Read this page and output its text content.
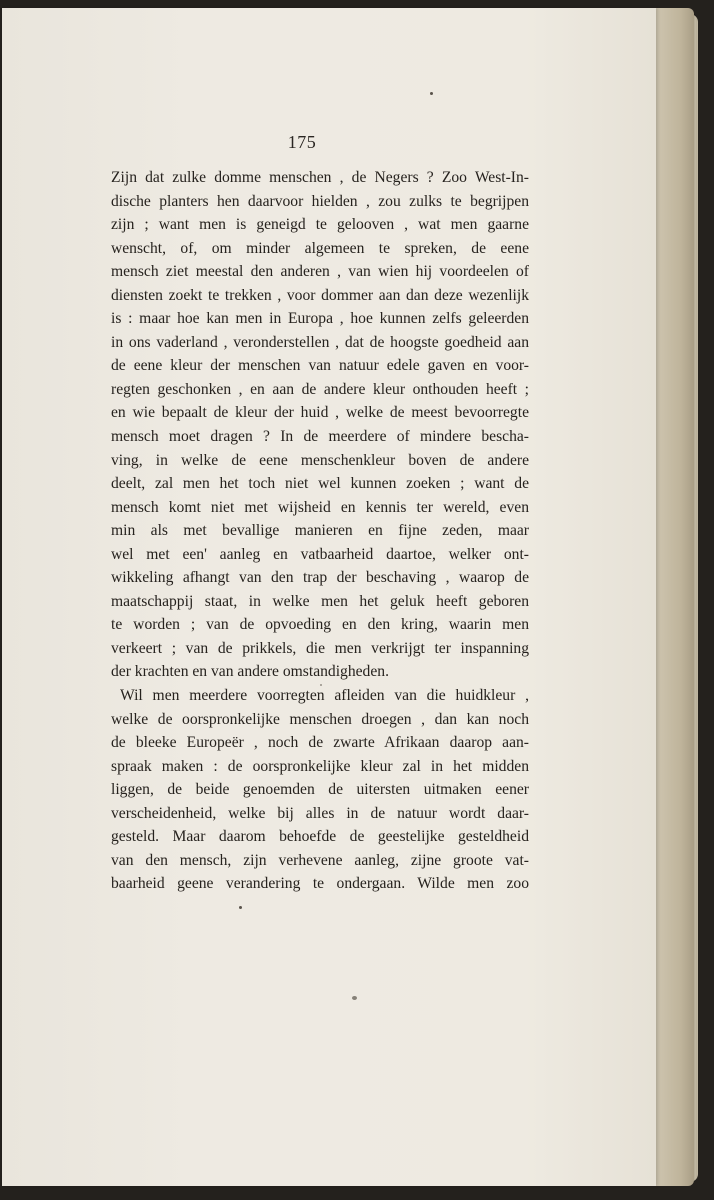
175
Zijn dat zulke domme menschen , de Negers ? Zoo West-In-
dische planters hen daarvoor hielden , zou zulks te begrijpen
zijn ; want men is geneigd te gelooven , wat men gaarne
wenscht, of, om minder algemeen te spreken, de eene
mensch ziet meestal den anderen , van wien hij voordeelen of
diensten zoekt te trekken , voor dommer aan dan deze wezenlijk
is : maar hoe kan men in Europa , hoe kunnen zelfs geleerden
in ons vaderland , veronderstellen , dat de hoogste goedheid aan
de eene kleur der menschen van natuur edele gaven en voor-
regten geschonken , en aan de andere kleur onthouden heeft ;
en wie bepaalt de kleur der huid , welke de meest bevoorregte
mensch moet dragen ? In de meerdere of mindere bescha-
ving, in welke de eene menschenkleur boven de andere
deelt, zal men het toch niet wel kunnen zoeken ; want de
mensch komt niet met wijsheid en kennis ter wereld, even
min als met bevallige manieren en fijne zeden, maar
wel met een' aanleg en vatbaarheid daartoe, welker ont-
wikkeling afhangt van den trap der beschaving , waarop de
maatschappij staat, in welke men het geluk heeft geboren
te worden ; van de opvoeding en den kring, waarin men
verkeert ; van de prikkels, die men verkrijgt ter inspanning
der krachten en van andere omstandigheden.
Wil men meerdere voorregten afleiden van die huidkleur ,
welke de oorspronkelijke menschen droegen , dan kan noch
de bleeke Europeër , noch de zwarte Afrikaan daarop aan-
spraak maken : de oorspronkelijke kleur zal in het midden
liggen, de beide genoemden de uitersten uitmaken eener
verscheidenheid, welke bij alles in de natuur wordt daar-
gesteld. Maar daarom behoefde de geestelijke gesteldheid
van den mensch, zijn verhevene aanleg, zijne groote vat-
baarheid geene verandering te ondergaan. Wilde men zoo
